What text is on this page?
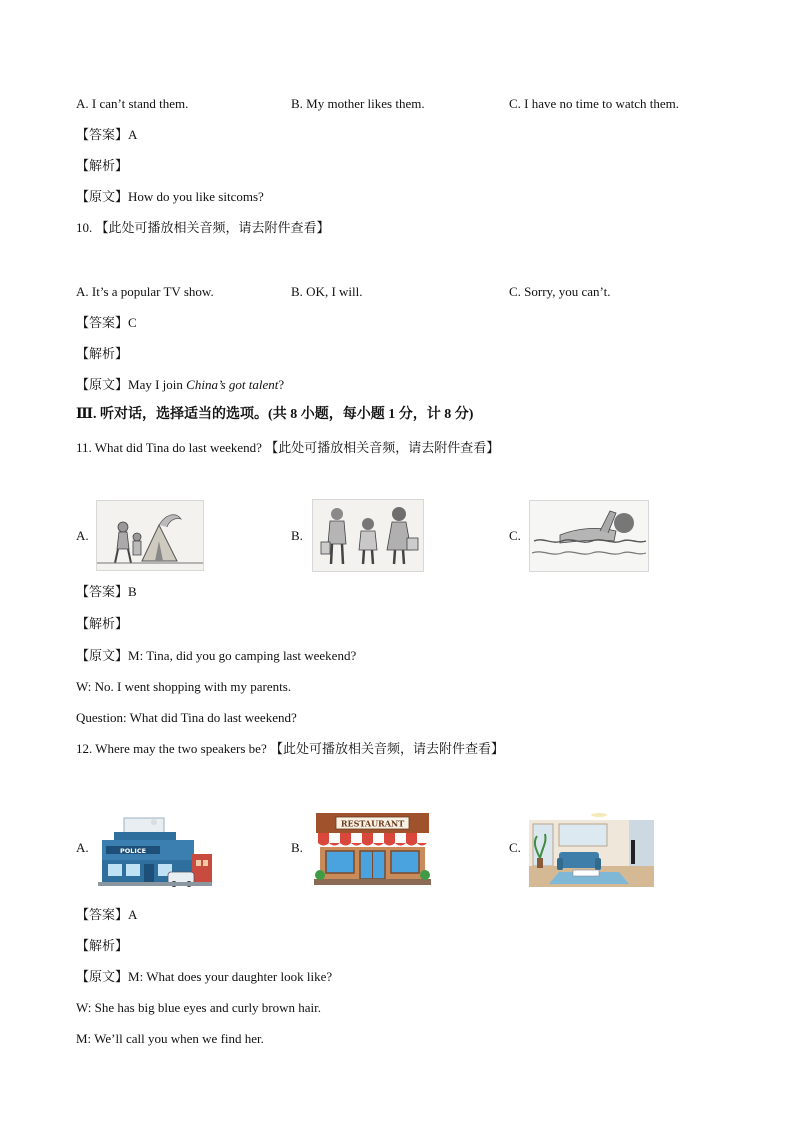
A. I can’t stand them.	B. My mother likes them.	C. I have no time to watch them.
【答案】A
【解析】
【原文】How do you like sitcoms?
10. 【此处可播放相关音频，请去附件查看】
A. It’s a popular TV show.	B. OK, I will.	C. Sorry, you can’t.
【答案】C
【解析】
【原文】May I join China’s got talent?
Ⅲ. 听对话，选择适当的选项。(共 8 小题，每小题 1 分，计 8 分)
11. What did Tina do last weekend? 【此处可播放相关音频，请去附件查看】
A.	B.	C.
【答案】B
【解析】
【原文】M: Tina, did you go camping last weekend?
W: No. I went shopping with my parents.
Question: What did Tina do last weekend?
12. Where may the two speakers be? 【此处可播放相关音频，请去附件查看】
A.	POLICE	B.
RESTAURANT
C.
【答案】A
【解析】
【原文】M: What does your daughter look like?
W: She has big blue eyes and curly brown hair.
M: We’ll call you when we find her.
